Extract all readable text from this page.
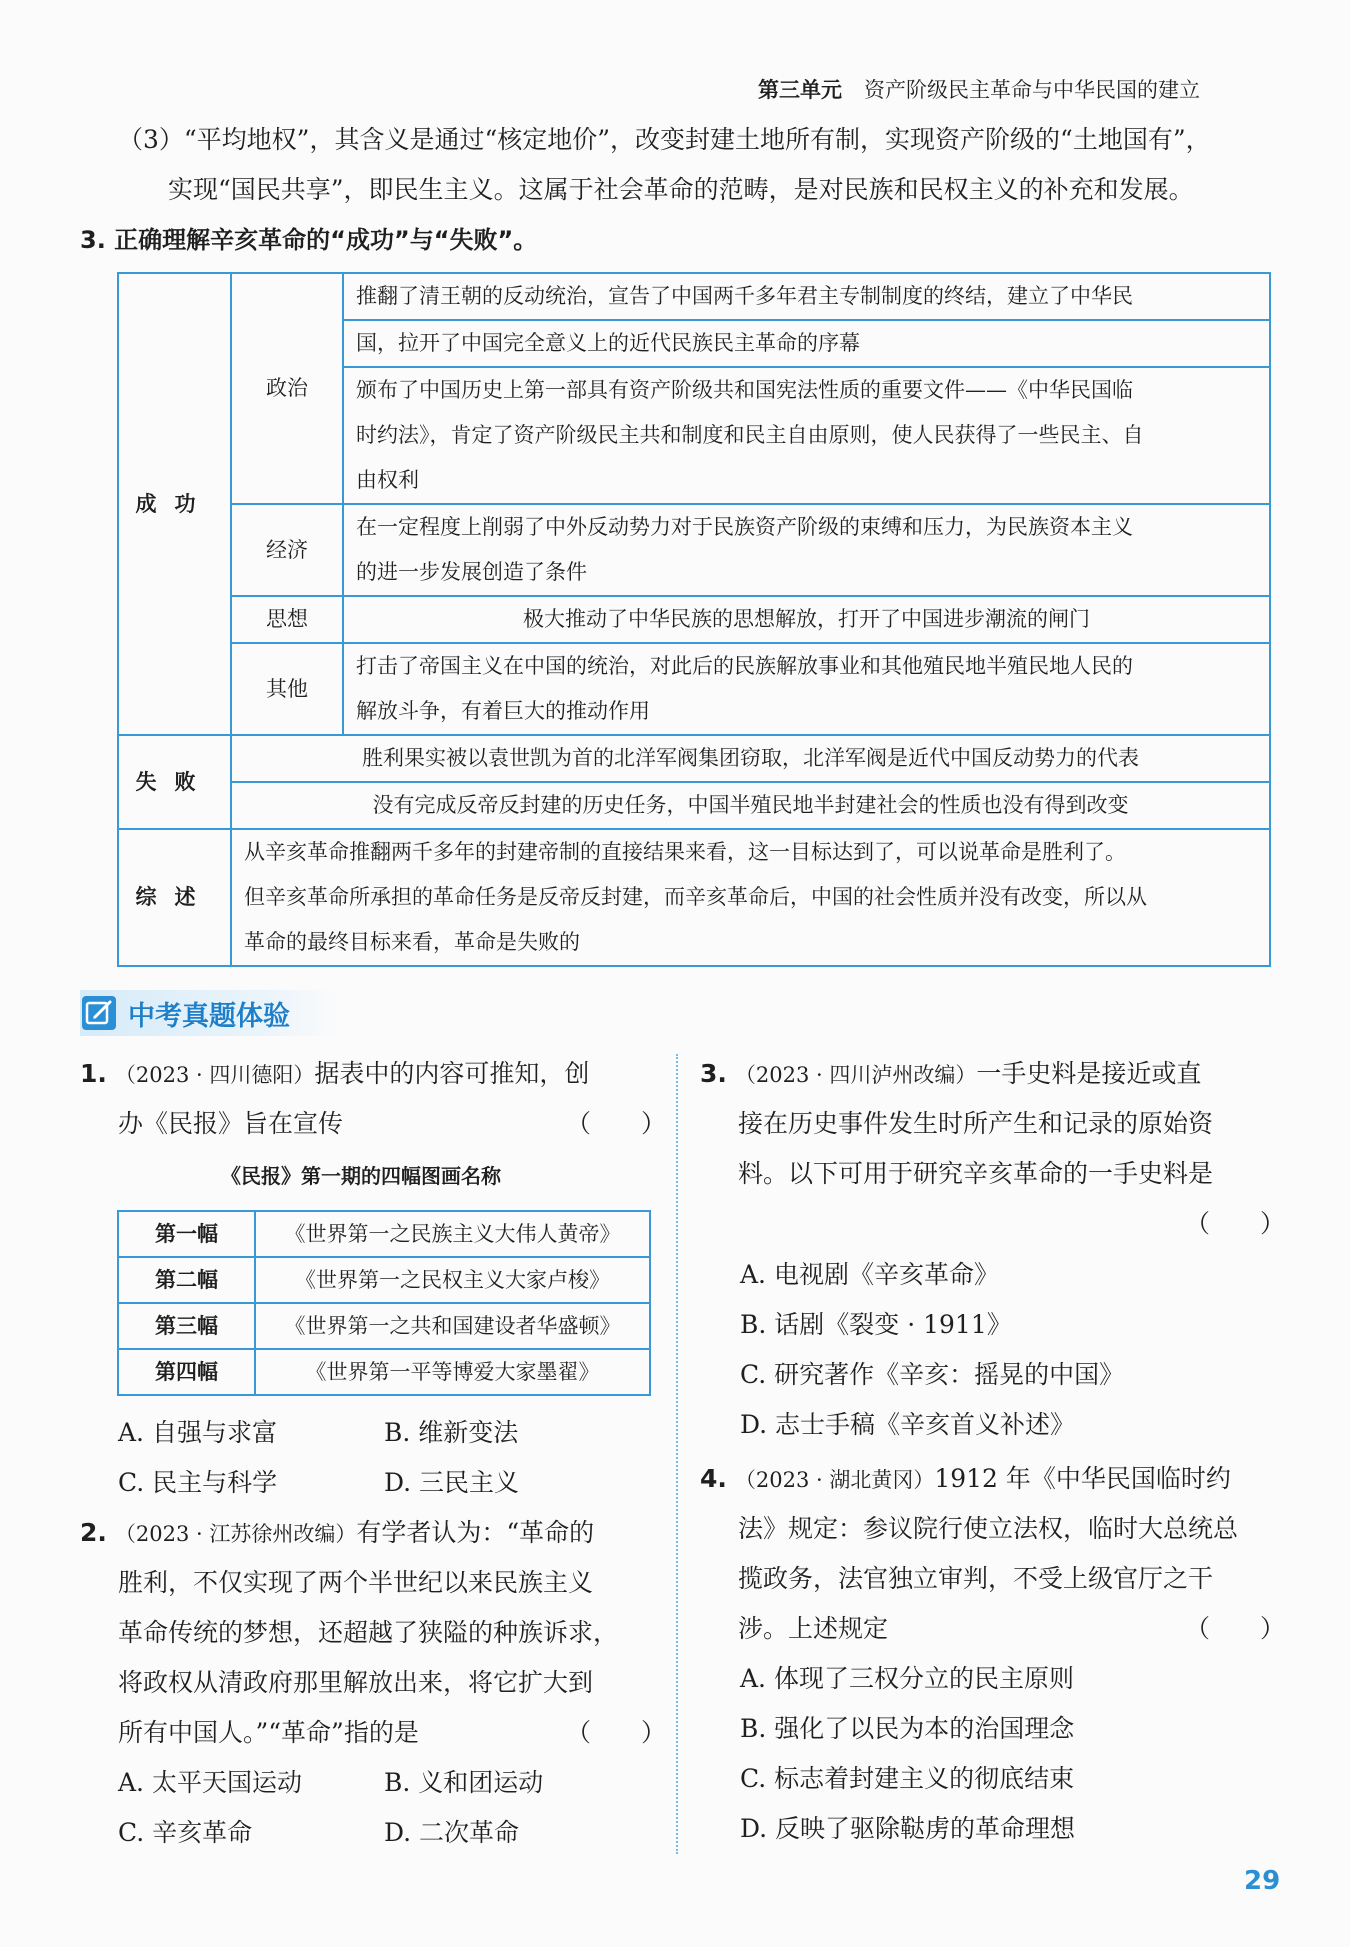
第三单元 资产阶级民主革命与中华民国的建立
（3）“平均地权”，其含义是通过“核定地价”，改变封建土地所有制，实现资产阶级的“土地国有”，
实现“国民共享”，即民生主义。这属于社会革命的范畴，是对民族和民权主义的补充和发展。
3. 正确理解辛亥革命的“成功”与“失败”。
成功	政治	推翻了清王朝的反动统治，宣告了中国两千多年君主专制制度的终结，建立了中华民
		国，拉开了中国完全意义上的近代民族民主革命的序幕
		颁布了中国历史上第一部具有资产阶级共和国宪法性质的重要文件——《中华民国临
		时约法》，肯定了资产阶级民主共和制度和民主自由原则，使人民获得了一些民主、自
		由权利
	经济	在一定程度上削弱了中外反动势力对于民族资产阶级的束缚和压力，为民族资本主义
		的进一步发展创造了条件
	思想	极大推动了中华民族的思想解放，打开了中国进步潮流的闸门
	其他	打击了帝国主义在中国的统治，对此后的民族解放事业和其他殖民地半殖民地人民的
解放斗争，有着巨大的推动作用
失败	胜利果实被以袁世凯为首的北洋军阀集团窃取，北洋军阀是近代中国反动势力的代表	
	没有完成反帝反封建的历史任务，中国半殖民地半封建社会的性质也没有得到改变	
综述	从辛亥革命推翻两千多年的封建帝制的直接结果来看，这一目标达到了，可以说革命是胜利了。
但辛亥革命所承担的革命任务是反帝反封建，而辛亥革命后，中国的社会性质并没有改变，所以从
革命的最终目标来看，革命是失败的	
中考真题体验
1. （2023 · 四川德阳）据表中的内容可推知，创
办《民报》旨在宣传	（　　）
《民报》第一期的四幅图画名称
第一幅	《世界第一之民族主义大伟人黄帝》
第二幅	《世界第一之民权主义大家卢梭》
第三幅	《世界第一之共和国建设者华盛顿》
第四幅	《世界第一平等博爱大家墨翟》
A. 自强与求富	B. 维新变法
C. 民主与科学	D. 三民主义
2. （2023 · 江苏徐州改编）有学者认为：“革命的
胜利，不仅实现了两个半世纪以来民族主义
革命传统的梦想，还超越了狭隘的种族诉求，
将政权从清政府那里解放出来，将它扩大到
所有中国人。”“革命”指的是	（　　）
A. 太平天国运动	B. 义和团运动
C. 辛亥革命	D. 二次革命
3. （2023 · 四川泸州改编）一手史料是接近或直
接在历史事件发生时所产生和记录的原始资
料。以下可用于研究辛亥革命的一手史料是
（　　）
A. 电视剧《辛亥革命》
B. 话剧《裂变 · 1911》
C. 研究著作《辛亥：摇晃的中国》
D. 志士手稿《辛亥首义补述》
4. （2023 · 湖北黄冈）1912 年《中华民国临时约
法》规定：参议院行使立法权，临时大总统总
揽政务，法官独立审判，不受上级官厅之干
涉。上述规定	（　　）
A. 体现了三权分立的民主原则
B. 强化了以民为本的治国理念
C. 标志着封建主义的彻底结束
D. 反映了驱除鞑虏的革命理想
29
